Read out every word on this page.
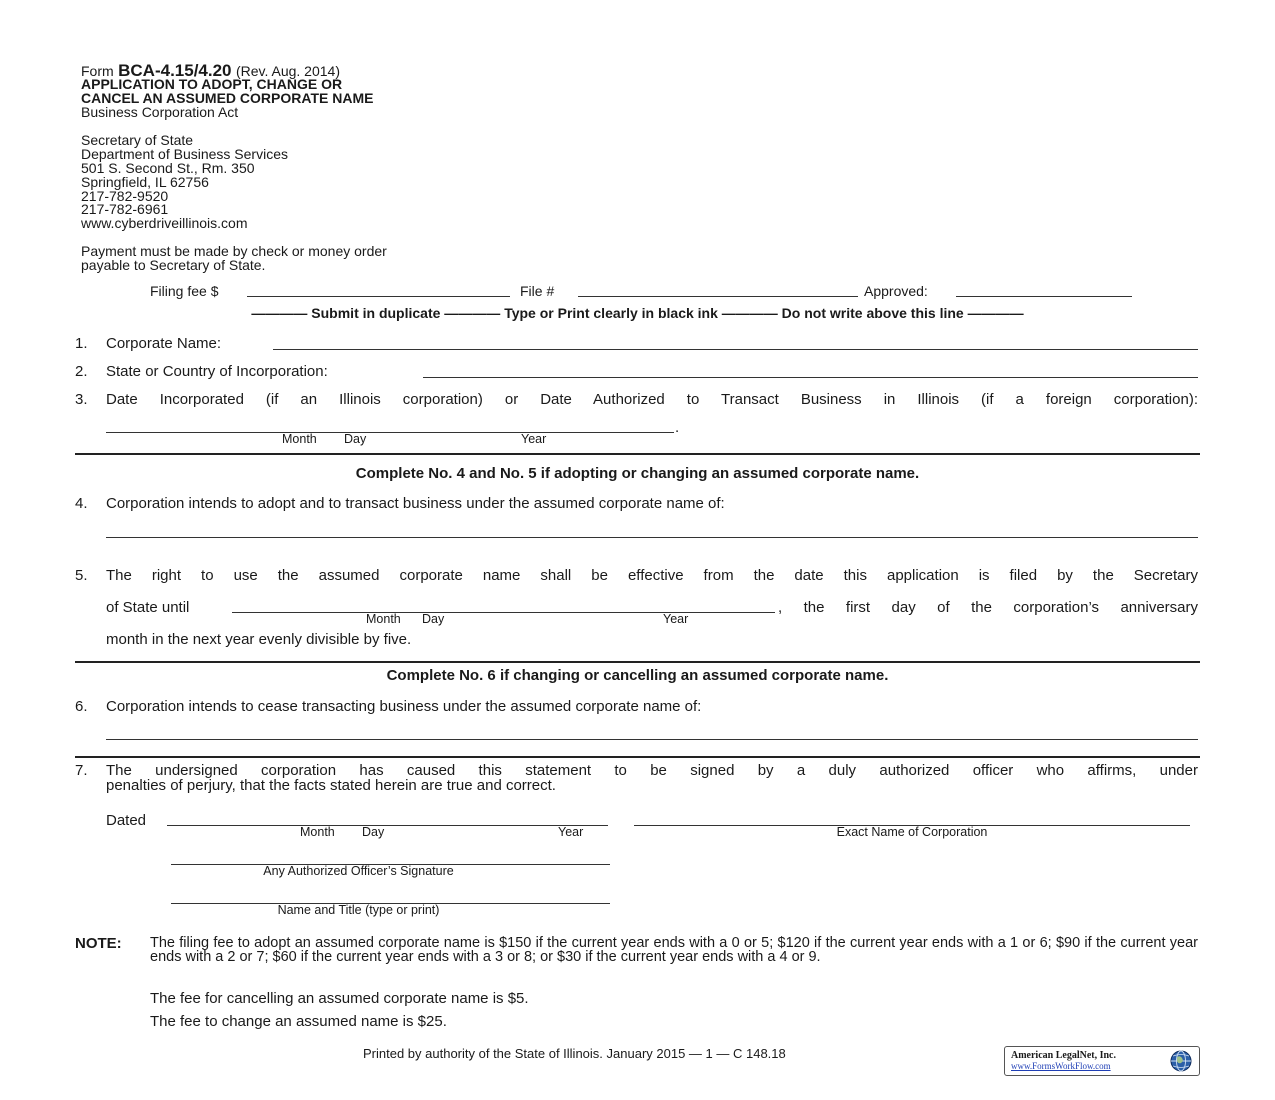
Form BCA-4.15/4.20 (Rev. Aug. 2014)
APPLICATION TO ADOPT, CHANGE OR
CANCEL AN ASSUMED CORPORATE NAME
Business Corporation Act
Secretary of State
Department of Business Services
501 S. Second St., Rm. 350
Springfield, IL 62756
217-782-9520
217-782-6961
www.cyberdriveillinois.com
Payment must be made by check or money order
payable to Secretary of State.
Filing fee $	File #	Approved:
———— Submit in duplicate ———— Type or Print clearly in black ink ———— Do not write above this line ————
1. Corporate Name:
2. State or Country of Incorporation:
3. Date Incorporated (if an Illinois corporation) or Date Authorized to Transact Business in Illinois (if a foreign corporation):
.
Month Day	Year
Complete No. 4 and No. 5 if adopting or changing an assumed corporate name.
4. Corporation intends to adopt and to transact business under the assumed corporate name of:
5. The right to use the assumed corporate name shall be effective from the date this application is filed by the Secretary
of State until	, the first day of the corporation’s anniversary
Month Day	Year
month in the next year evenly divisible by five.
Complete No. 6 if changing or cancelling an assumed corporate name.
6. Corporation intends to cease transacting business under the assumed corporate name of:
7. The undersigned corporation has caused this statement to be signed by a duly authorized officer who affirms, under
penalties of perjury, that the facts stated herein are true and correct.
Dated
Month Day	Year	Exact Name of Corporation
Any Authorized Officer’s Signature
Name and Title (type or print)
NOTE: The filing fee to adopt an assumed corporate name is $150 if the current year ends with a 0 or 5; $120 if the current year ends with a 1 or 6; $90 if the current year ends with a 2 or 7; $60 if the current year ends with a 3 or 8; or $30 if the current year ends with a 4 or 9.
The fee for cancelling an assumed corporate name is $5.
The fee to change an assumed name is $25.
Printed by authority of the State of Illinois. January 2015 — 1 — C 148.18	American LegalNet, Inc.
www.FormsWorkFlow.com
